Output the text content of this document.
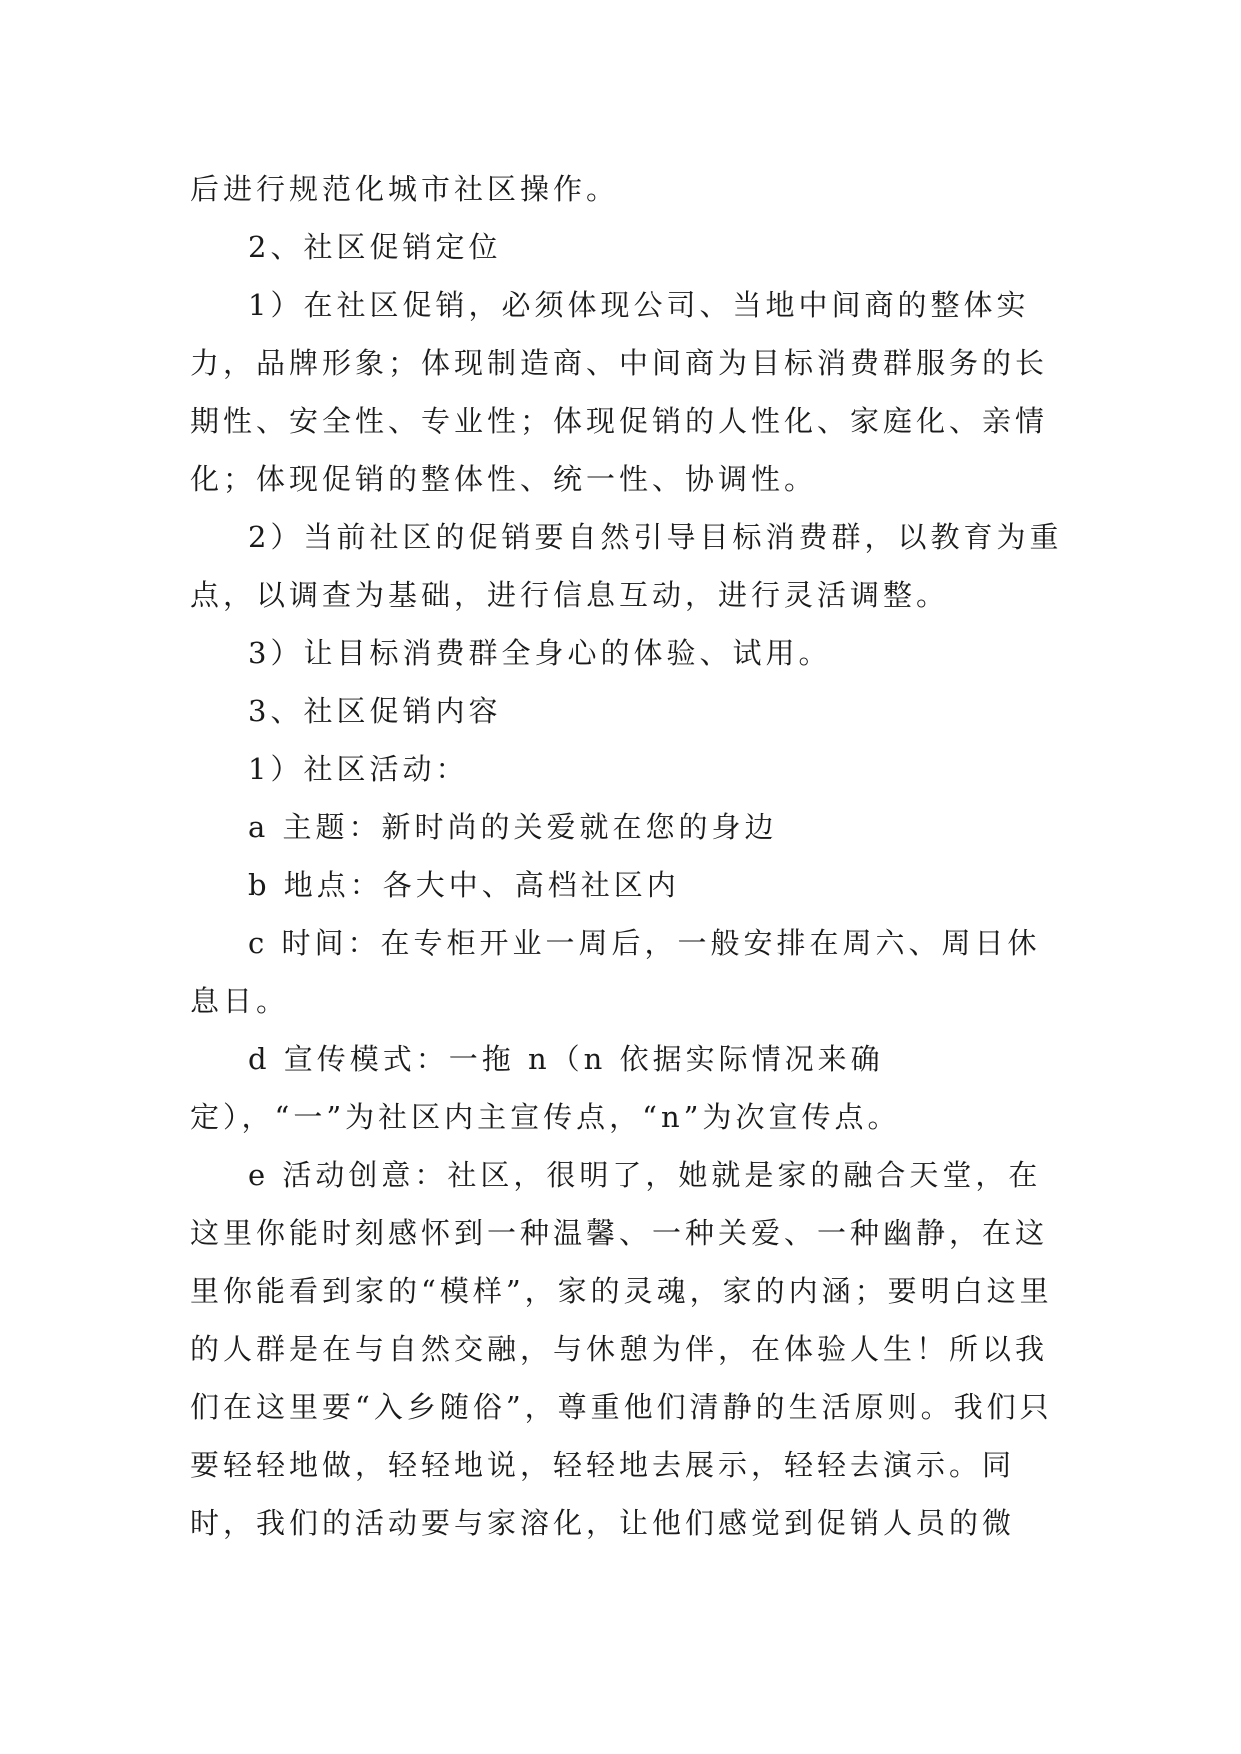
后进行规范化城市社区操作。

2、社区促销定位

1）在社区促销，必须体现公司、当地中间商的整体实力，品牌形象；体现制造商、中间商为目标消费群服务的长期性、安全性、专业性；体现促销的人性化、家庭化、亲情化；体现促销的整体性、统一性、协调性。

2）当前社区的促销要自然引导目标消费群，以教育为重点，以调查为基础，进行信息互动，进行灵活调整。

3）让目标消费群全身心的体验、试用。

3、社区促销内容

1）社区活动：

a 主题：新时尚的关爱就在您的身边

b 地点：各大中、高档社区内

c 时间：在专柜开业一周后，一般安排在周六、周日休息日。

d 宣传模式：一拖 n（n 依据实际情况来确定），“一”为社区内主宣传点，“n”为次宣传点。

e 活动创意：社区，很明了，她就是家的融合天堂，在这里你能时刻感怀到一种温馨、一种关爱、一种幽静，在这里你能看到家的“模样”，家的灵魂，家的内涵；要明白这里的人群是在与自然交融，与休憩为伴，在体验人生！所以我们在这里要“入乡随俗”，尊重他们清静的生活原则。我们只要轻轻地做，轻轻地说，轻轻地去展示，轻轻去演示。同时，我们的活动要与家溶化，让他们感觉到促销人员的微
